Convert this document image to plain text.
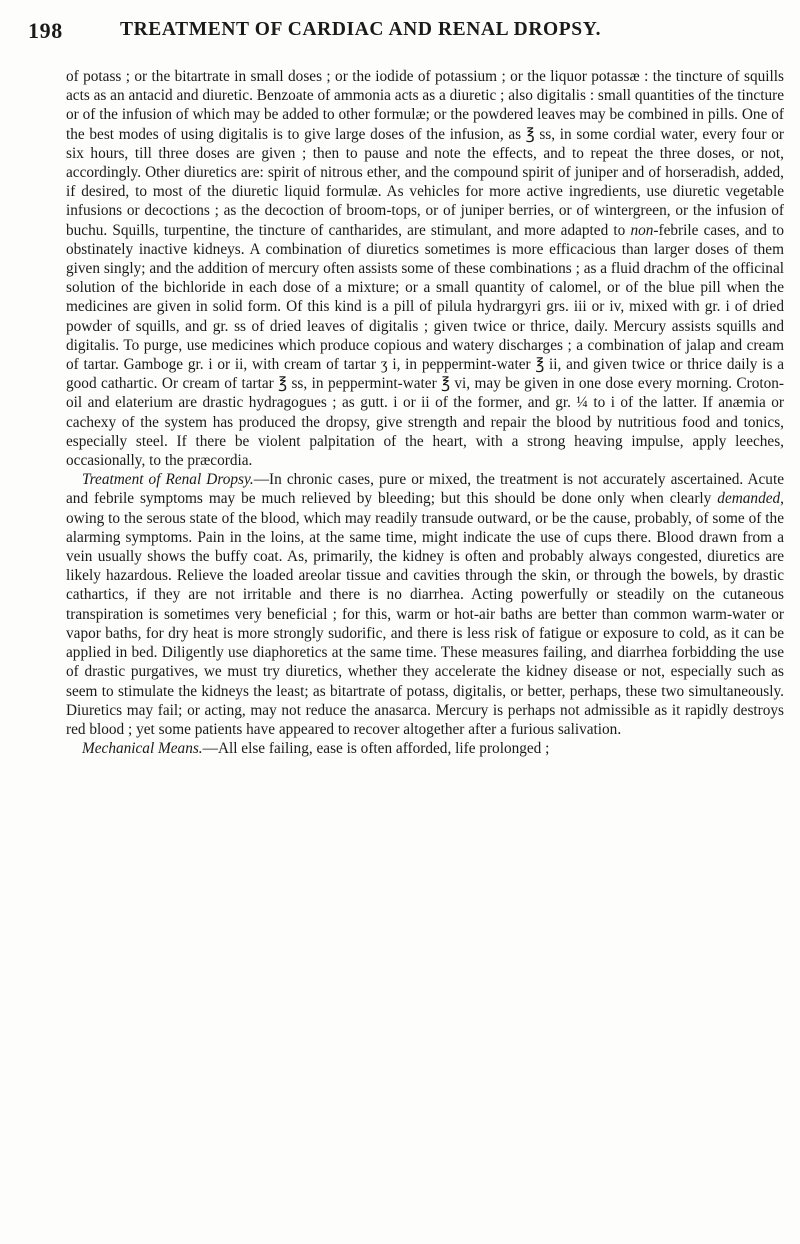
198	TREATMENT OF CARDIAC AND RENAL DROPSY.

of potass ; or the bitartrate in small doses ; or the iodide of potassium ; or the liquor potassæ : the tincture of squills acts as an antacid and diuretic. Benzoate of ammonia acts as a diuretic ; also digitalis : small quantities of the tincture or of the infusion of which may be added to other formulæ; or the powdered leaves may be combined in pills. One of the best modes of using digitalis is to give large doses of the infusion, as ℥ ss, in some cordial water, every four or six hours, till three doses are given ; then to pause and note the effects, and to repeat the three doses, or not, accordingly. Other diuretics are: spirit of nitrous ether, and the compound spirit of juniper and of horseradish, added, if desired, to most of the diuretic liquid formulæ. As vehicles for more active ingredients, use diuretic vegetable infusions or decoctions ; as the decoction of broom-tops, or of juniper berries, or of wintergreen, or the infusion of buchu. Squills, turpentine, the tincture of cantharides, are stimulant, and more adapted to non-febrile cases, and to obstinately inactive kidneys. A combination of diuretics sometimes is more efficacious than larger doses of them given singly; and the addition of mercury often assists some of these combinations ; as a fluid drachm of the officinal solution of the bichloride in each dose of a mixture; or a small quantity of calomel, or of the blue pill when the medicines are given in solid form. Of this kind is a pill of pilula hydrargyri grs. iii or iv, mixed with gr. i of dried powder of squills, and gr. ss of dried leaves of digitalis ; given twice or thrice, daily. Mercury assists squills and digitalis. To purge, use medicines which produce copious and watery discharges ; a combination of jalap and cream of tartar. Gamboge gr. i or ii, with cream of tartar ʒ i, in peppermint-water ℥ ii, and given twice or thrice daily is a good cathartic. Or cream of tartar ℥ ss, in peppermint-water ℥ vi, may be given in one dose every morning. Croton-oil and elaterium are drastic hydragogues ; as gutt. i or ii of the former, and gr. ¼ to i of the latter. If anæmia or cachexy of the system has produced the dropsy, give strength and repair the blood by nutritious food and tonics, especially steel. If there be violent palpitation of the heart, with a strong heaving impulse, apply leeches, occasionally, to the præcordia.

Treatment of Renal Dropsy.—In chronic cases, pure or mixed, the treatment is not accurately ascertained. Acute and febrile symptoms may be much relieved by bleeding; but this should be done only when clearly demanded, owing to the serous state of the blood, which may readily transude outward, or be the cause, probably, of some of the alarming symptoms. Pain in the loins, at the same time, might indicate the use of cups there. Blood drawn from a vein usually shows the buffy coat. As, primarily, the kidney is often and probably always congested, diuretics are likely hazardous. Relieve the loaded areolar tissue and cavities through the skin, or through the bowels, by drastic cathartics, if they are not irritable and there is no diarrhea. Acting powerfully or steadily on the cutaneous transpiration is sometimes very beneficial ; for this, warm or hot-air baths are better than common warm-water or vapor baths, for dry heat is more strongly sudorific, and there is less risk of fatigue or exposure to cold, as it can be applied in bed. Diligently use diaphoretics at the same time. These measures failing, and diarrhea forbidding the use of drastic purgatives, we must try diuretics, whether they accelerate the kidney disease or not, especially such as seem to stimulate the kidneys the least; as bitartrate of potass, digitalis, or better, perhaps, these two simultaneously. Diuretics may fail; or acting, may not reduce the anasarca. Mercury is perhaps not admissible as it rapidly destroys red blood ; yet some patients have appeared to recover altogether after a furious salivation.

Mechanical Means.—All else failing, ease is often afforded, life prolonged ;
